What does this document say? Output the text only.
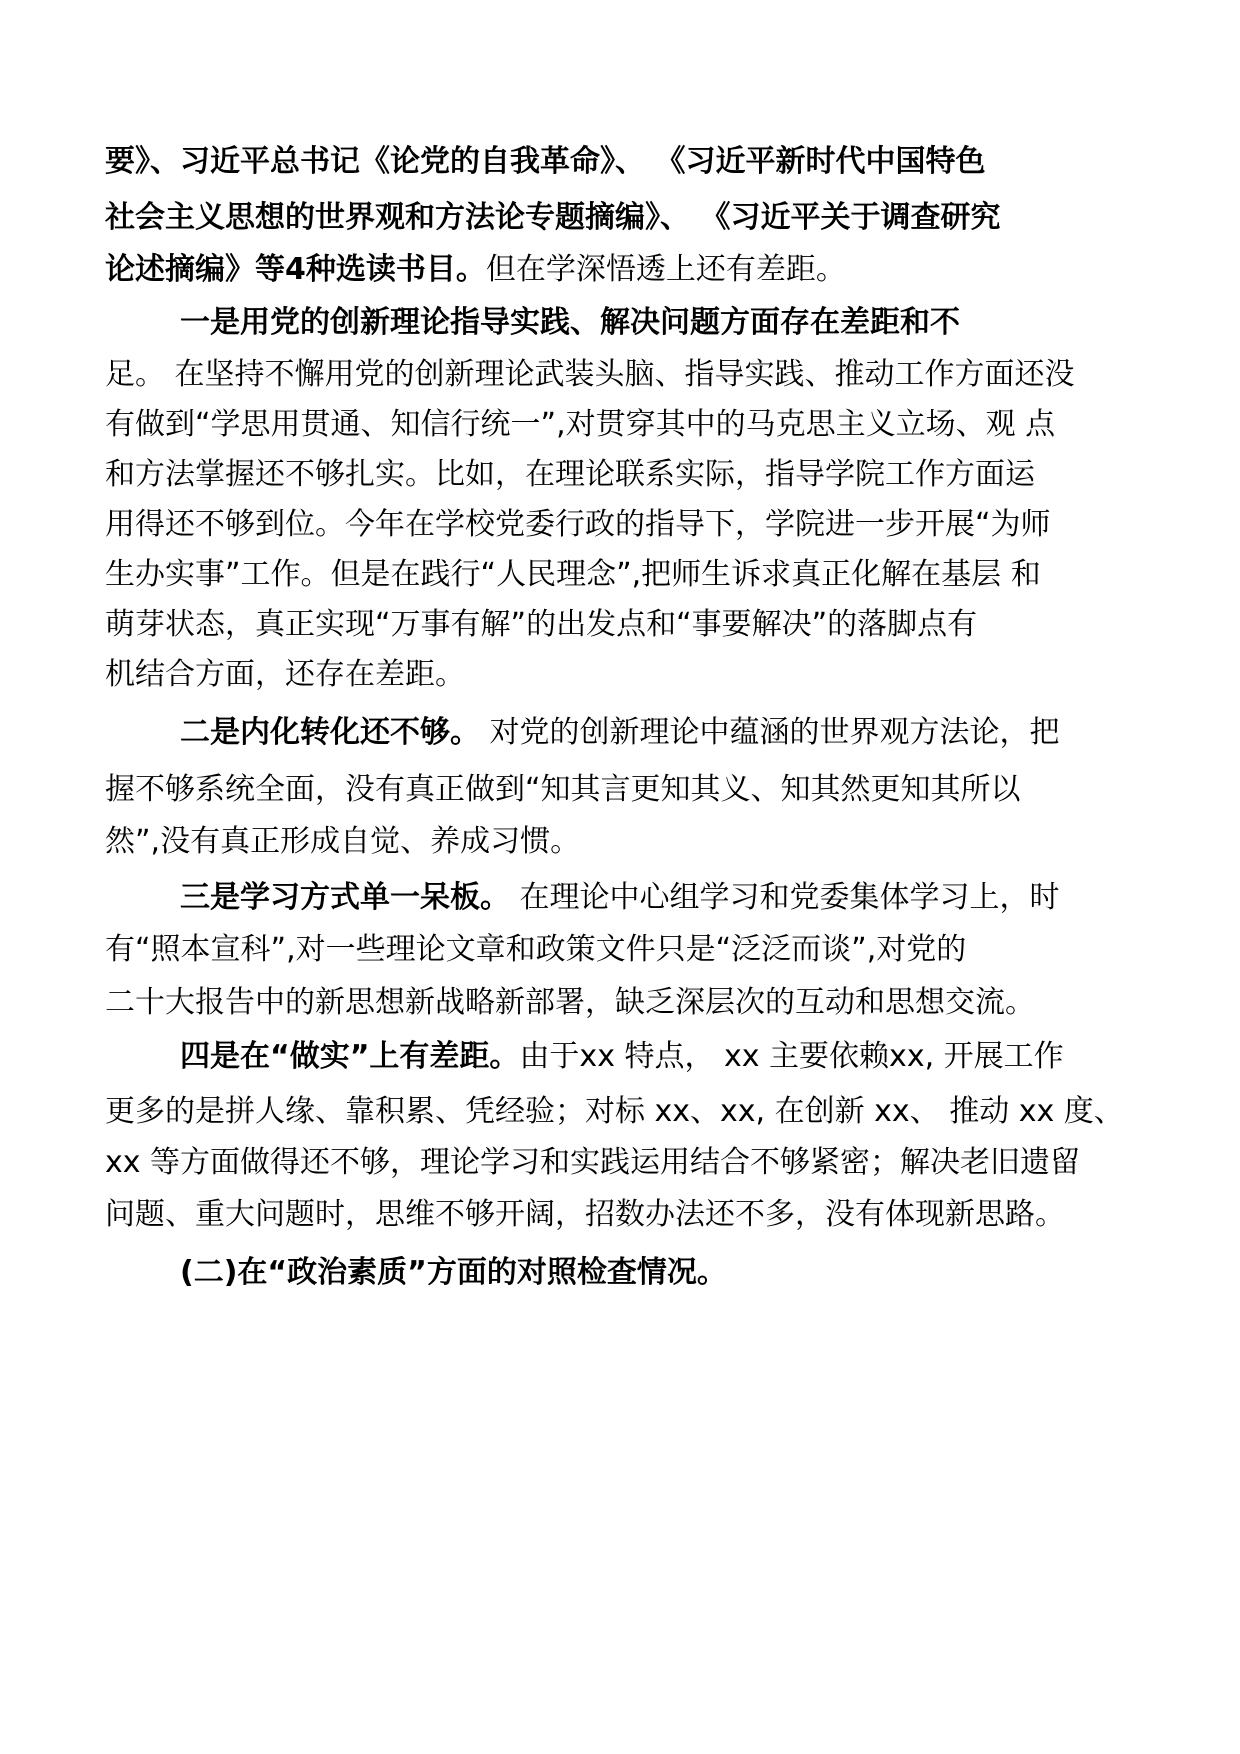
要》、习近平总书记《论党的自我革命》、 《习近平新时代中国特色
社会主义思想的世界观和方法论专题摘编》、 《习近平关于调查研究
论述摘编》等4种选读书目。但在学深悟透上还有差距。
一是用党的创新理论指导实践、解决问题方面存在差距和不
足。 在坚持不懈用党的创新理论武装头脑、指导实践、推动工作方面还没
有做到“学思用贯通、知信行统一”,对贯穿其中的马克思主义立场、观 点
和方法掌握还不够扎实。比如，在理论联系实际，指导学院工作方面运
用得还不够到位。今年在学校党委行政的指导下，学院进一步开展“为师
生办实事”工作。但是在践行“人民理念”,把师生诉求真正化解在基层 和
萌芽状态，真正实现“万事有解”的出发点和“事要解决”的落脚点有
机结合方面，还存在差距。
二是内化转化还不够。 对党的创新理论中蕴涵的世界观方法论，把
握不够系统全面，没有真正做到“知其言更知其义、知其然更知其所以
然”,没有真正形成自觉、养成习惯。
三是学习方式单一呆板。 在理论中心组学习和党委集体学习上，时
有“照本宣科”,对一些理论文章和政策文件只是“泛泛而谈”,对党的
二十大报告中的新思想新战略新部署，缺乏深层次的互动和思想交流。
四是在“做实”上有差距。由于xx 特点， xx 主要依赖xx, 开展工作
更多的是拼人缘、靠积累、凭经验；对标 xx、xx, 在创新 xx、 推动 xx 度、
xx 等方面做得还不够，理论学习和实践运用结合不够紧密；解决老旧遗留
问题、重大问题时，思维不够开阔，招数办法还不多，没有体现新思路。
(二)在“政治素质”方面的对照检查情况。
